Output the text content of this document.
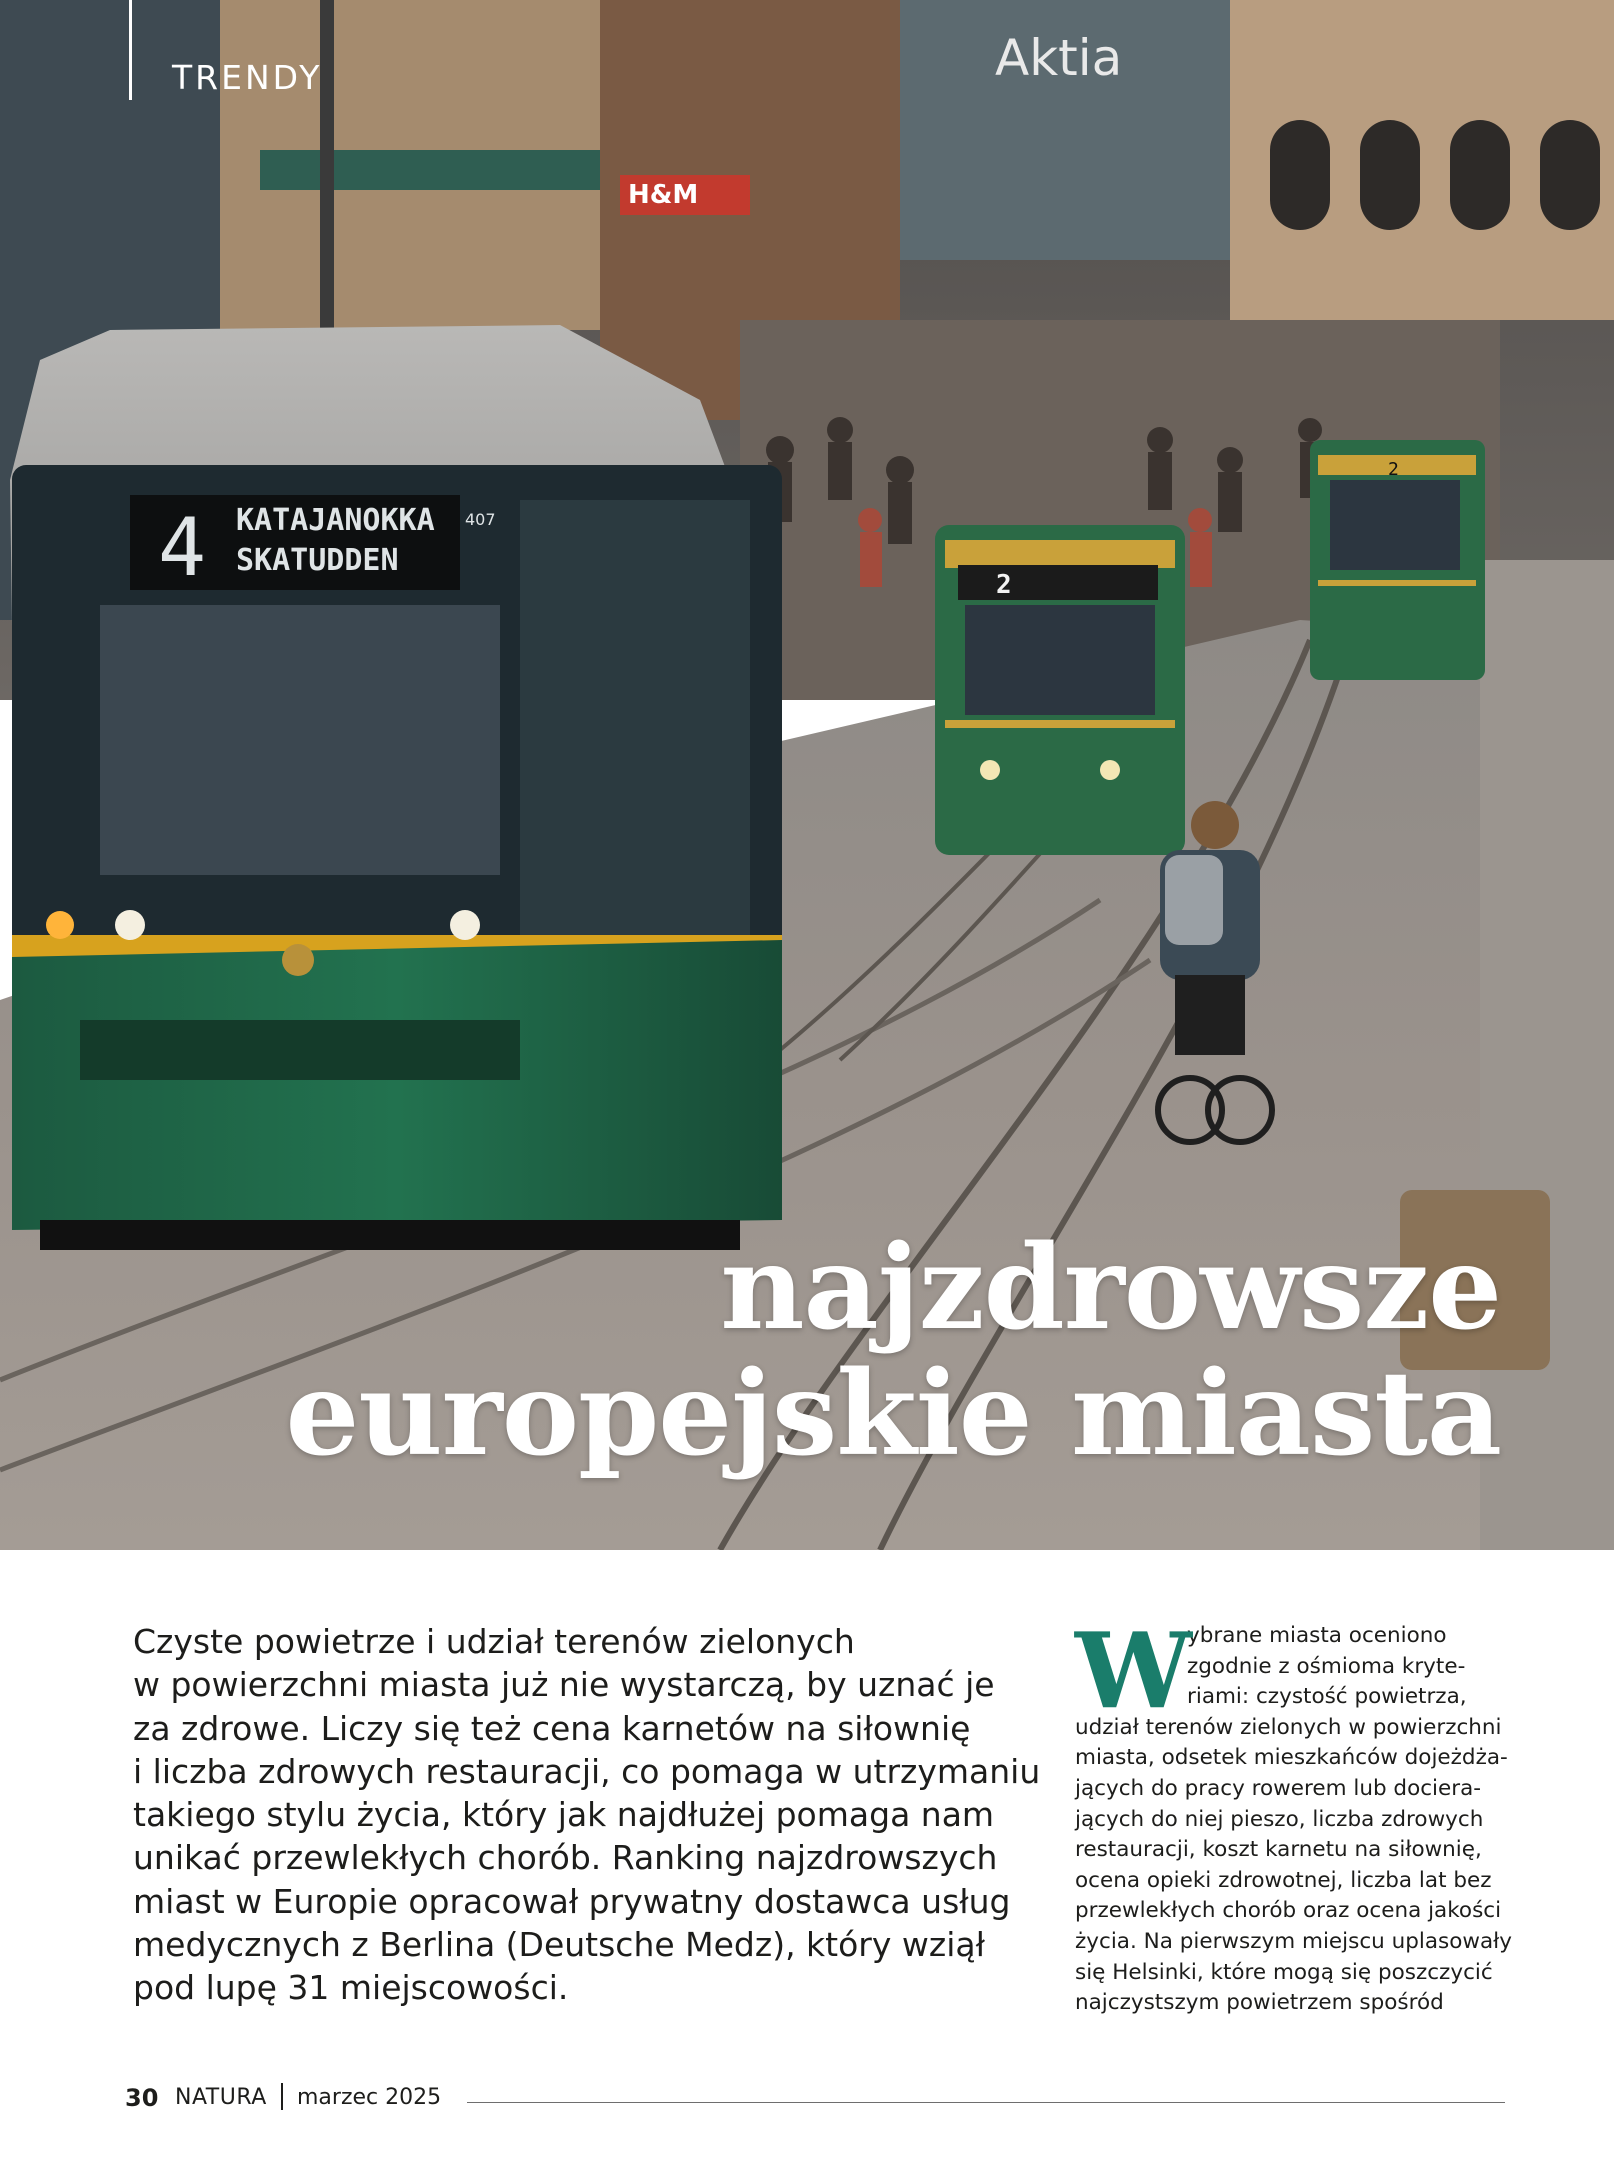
Aktia
H&M
2
2
4 KATAJANOKKA
SKATUDDEN
407
TRENDY
najzdrowsze
europejskie miasta
Czyste powietrze i udział terenów zielonych
w powierzchni miasta już nie wystarczą, by uznać je
za zdrowe. Liczy się też cena karnetów na siłownię
i liczba zdrowych restauracji, co pomaga w utrzymaniu
takiego stylu życia, który jak najdłużej pomaga nam
unikać przewlekłych chorób. Ranking najzdrowszych
miast w Europie opracował prywatny dostawca usług
medycznych z Berlina (Deutsche Medz), który wziął
pod lupę 31 miejscowości.
W
ybrane miasta oceniono
zgodnie z ośmioma kryte-
riami: czystość powietrza,
udział terenów zielonych w powierzchni
miasta, odsetek mieszkańców dojeżdża-
jących do pracy rowerem lub docierа-
jących do niej pieszo, liczba zdrowych
restauracji, koszt karnetu na siłownię,
ocena opieki zdrowotnej, liczba lat bez
przewlekłych chorób oraz ocena jakości
życia. Na pierwszym miejscu uplasowały
się Helsinki, które mogą się poszczycić
najczystszym powietrzem spośród
30 NATURA marzec 2025
